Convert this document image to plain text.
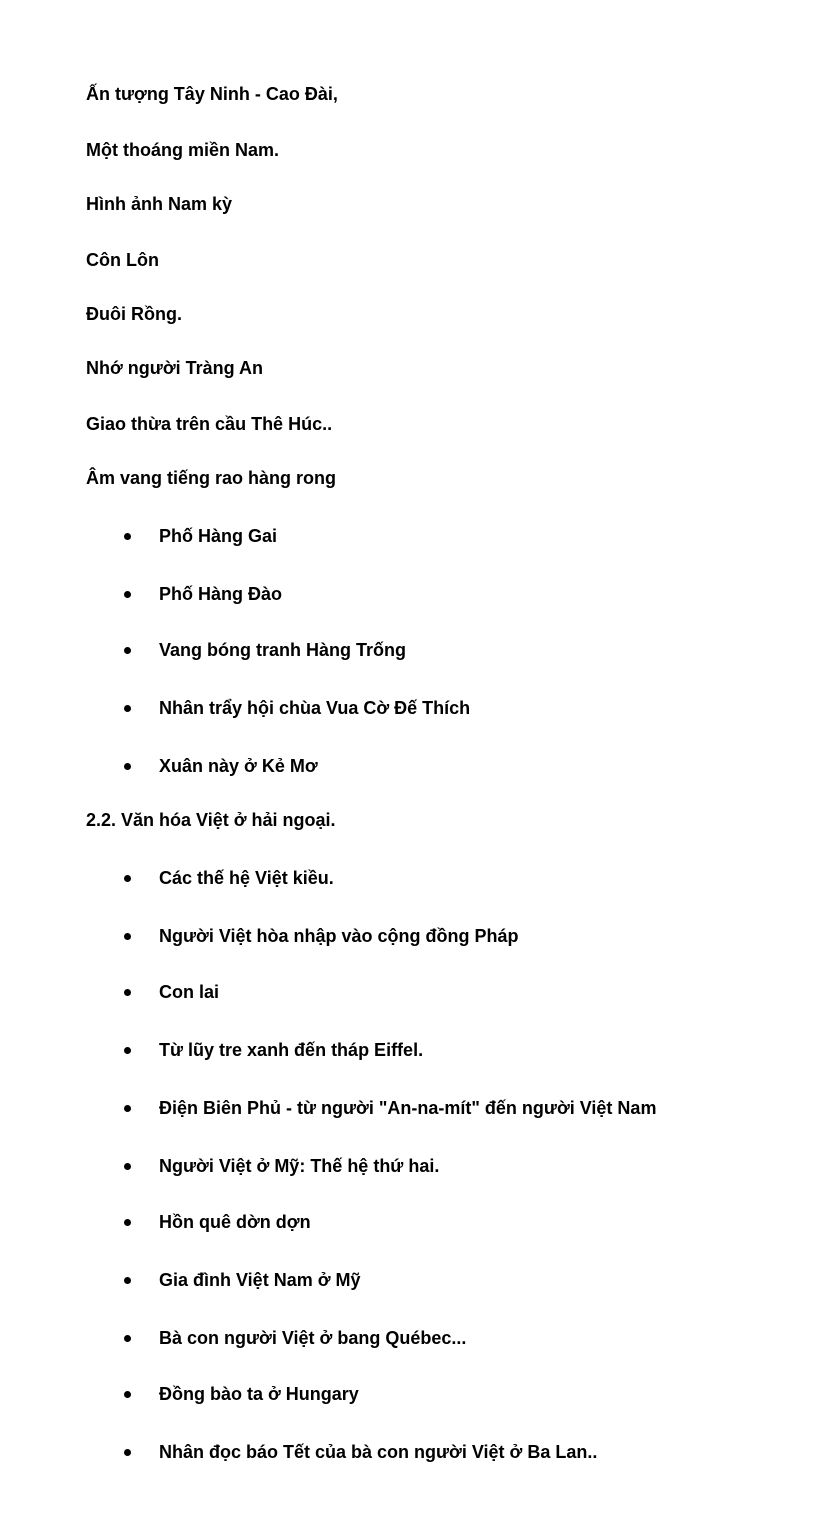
Ấn tượng Tây Ninh - Cao Đài,
Một thoáng miền Nam.
Hình ảnh Nam kỳ
Côn Lôn
Đuôi Rồng.
Nhớ người Tràng An
Giao thừa trên cầu Thê Húc..
Âm vang tiếng rao hàng rong
Phố Hàng Gai
Phố Hàng Đào
Vang bóng tranh Hàng Trống
Nhân trẩy hội chùa Vua Cờ Đế Thích
Xuân này ở Kẻ Mơ
2.2. Văn hóa Việt ở hải ngoại.
Các thế hệ Việt kiều.
Người Việt hòa nhập vào cộng đồng Pháp
Con lai
Từ lũy tre xanh đến tháp Eiffel.
Điện Biên Phủ - từ người "An-na-mít" đến người Việt Nam
Người Việt ở Mỹ: Thế hệ thứ hai.
Hồn quê dờn dợn
Gia đình Việt Nam ở Mỹ
Bà con người Việt ở bang Québec...
Đồng bào ta ở Hungary
Nhân đọc báo Tết của bà con người Việt ở Ba Lan..
